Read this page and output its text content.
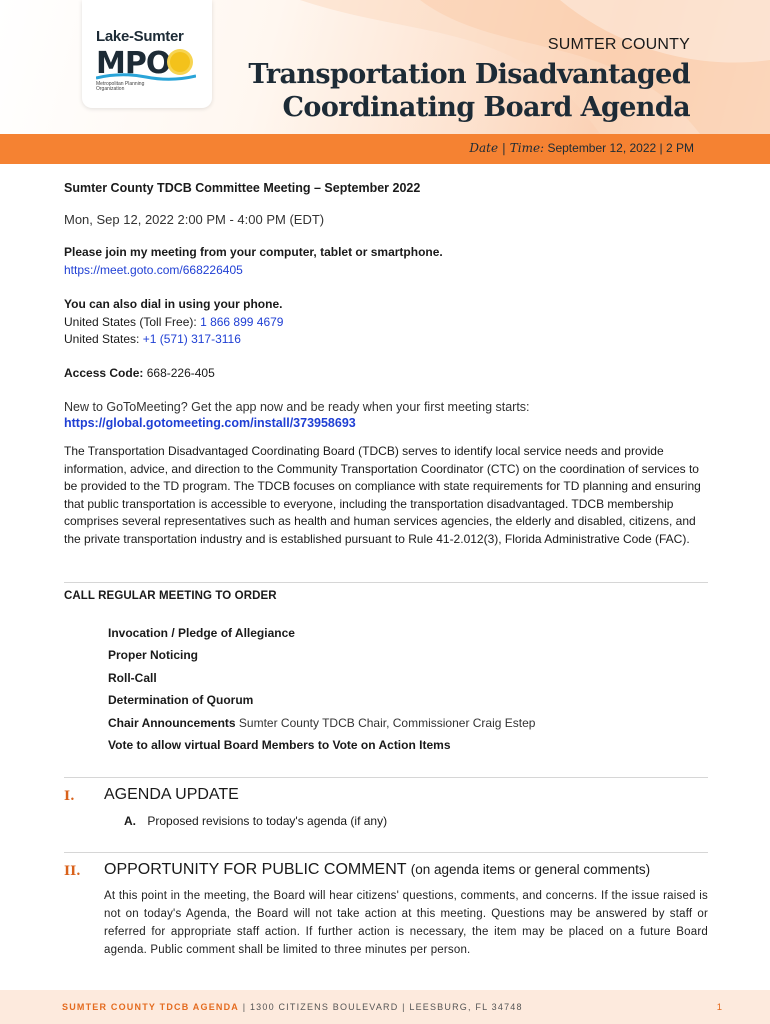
Lake-Sumter
MPO
Metropolitan Planning Organization
SUMTER COUNTY
Transportation Disadvantaged
Coordinating Board Agenda
Date | Time: September 12, 2022 | 2 PM
Sumter County TDCB Committee Meeting – September 2022
Mon, Sep 12, 2022 2:00 PM - 4:00 PM (EDT)
Please join my meeting from your computer, tablet or smartphone.
https://meet.goto.com/668226405
You can also dial in using your phone.
United States (Toll Free): 1 866 899 4679
United States: +1 (571) 317-3116
Access Code: 668-226-405
New to GoToMeeting? Get the app now and be ready when your first meeting starts: https://global.gotomeeting.com/install/373958693
The Transportation Disadvantaged Coordinating Board (TDCB) serves to identify local service needs and provide information, advice, and direction to the Community Transportation Coordinator (CTC) on the coordination of services to be provided to the TD program. The TDCB focuses on compliance with state requirements for TD planning and ensuring that public transportation is accessible to everyone, including the transportation disadvantaged. TDCB membership comprises several representatives such as health and human services agencies, the elderly and disabled, citizens, and the private transportation industry and is established pursuant to Rule 41-2.012(3), Florida Administrative Code (FAC).
CALL REGULAR MEETING TO ORDER
Invocation / Pledge of Allegiance
Proper Noticing
Roll-Call
Determination of Quorum
Chair Announcements Sumter County TDCB Chair, Commissioner Craig Estep
Vote to allow virtual Board Members to Vote on Action Items
I. AGENDA UPDATE
A. Proposed revisions to today's agenda (if any)
II. OPPORTUNITY FOR PUBLIC COMMENT (on agenda items or general comments)
At this point in the meeting, the Board will hear citizens' questions, comments, and concerns. If the issue raised is not on today's Agenda, the Board will not take action at this meeting. Questions may be answered by staff or referred for appropriate staff action. If further action is necessary, the item may be placed on a future Board agenda. Public comment shall be limited to three minutes per person.
SUMTER COUNTY TDCB AGENDA | 1300 CITIZENS BOULEVARD | LEESBURG, FL 34748	1
